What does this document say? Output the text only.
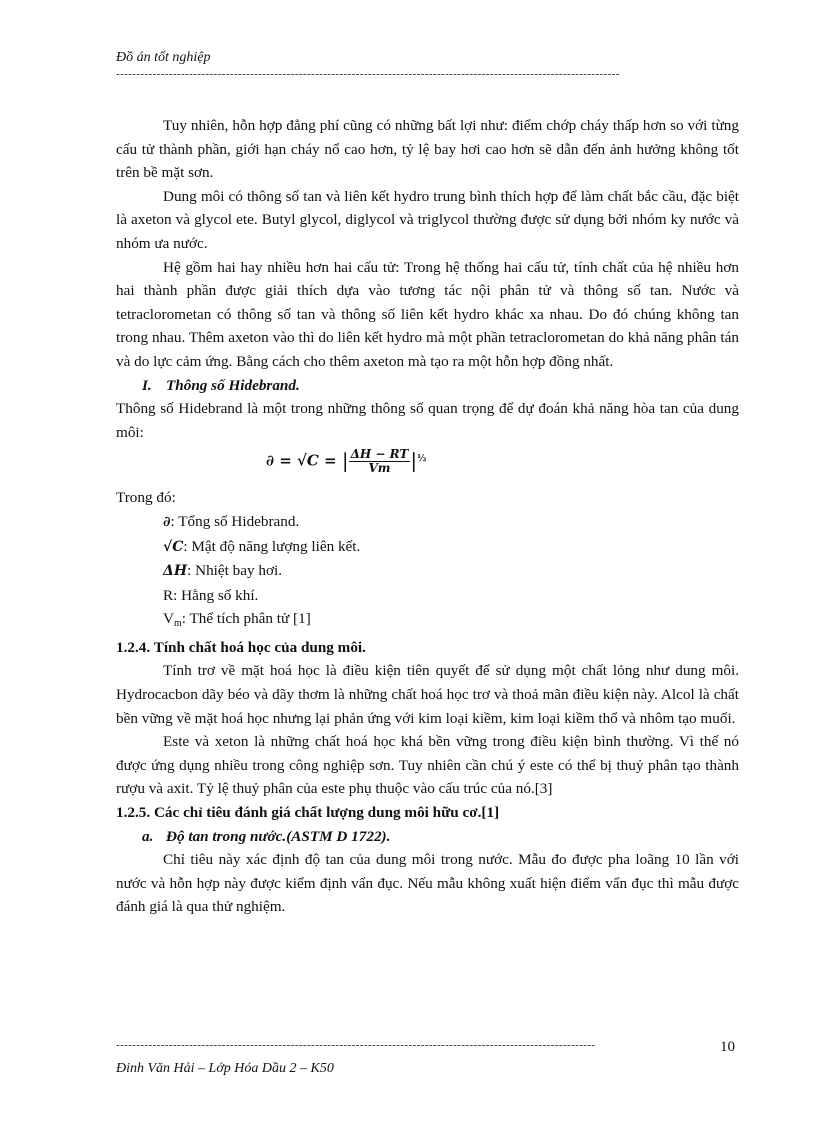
Đồ án tốt nghiệp
----------------------------------------------------------------------------------------------------------------------------

Tuy nhiên, hỗn hợp đẳng phí cũng có những bất lợi như: điểm chớp cháy thấp hơn so với từng cấu tử thành phần, giới hạn cháy nổ cao hơn, tỷ lệ bay hơi cao hơn sẽ dẫn đến ảnh hưởng không tốt trên bề mặt sơn.

Dung môi có thông số tan và liên kết hydro trung bình thích hợp để làm chất bắc cầu, đặc biệt là axeton và glycol ete. Butyl glycol, diglycol và triglycol thường được sử dụng bởi nhóm ky nước và nhóm ưa nước.

Hệ gồm hai hay nhiều hơn hai cấu tử: Trong hệ thống hai cấu tử, tính chất của hệ nhiều hơn hai thành phần được giải thích dựa vào tương tác nội phân tử và thông số tan. Nước và tetraclorometan có thông số tan và thông số liên kết hydro khác xa nhau. Do đó chúng không tan trong nhau. Thêm axeton vào thì do liên kết hydro mà một phần tetraclorometan do khả năng phân tán và do lực cảm ứng. Bằng cách cho thêm axeton mà tạo ra một hỗn hợp đồng nhất.

I. Thông số Hidebrand.

Thông số Hidebrand là một trong những thông số quan trọng để dự đoán khả năng hòa tan của dung môi:

∂ = √C = | $\frac{\Delta H - RT}{Vm} |^{\frac{1}{2}}$

Trong đó:

∂: Tổng số Hidebrand.

√C: Mật độ năng lượng liên kết.

ΔH: Nhiệt bay hơi.

R: Hằng số khí.

$V_m$: Thể tích phân tử [1]

1.2.4. Tính chất hoá học của dung môi.

Tính trơ về mặt hoá học là điều kiện tiên quyết để sử dụng một chất lỏng như dung môi. Hydrocacbon dãy béo và dãy thơm là những chất hoá học trơ và thoả mãn điều kiện này. Alcol là chất bền vững về mặt hoá học nhưng lại phản ứng với kim loại kiềm, kim loại kiềm thổ và nhôm tạo muối.

Este và xeton là những chất hoá học khá bền vững trong điều kiện bình thường. Vì thế nó được ứng dụng nhiều trong công nghiệp sơn. Tuy nhiên cần chú ý este có thể bị thuỷ phân tạo thành rượu và axit. Tỷ lệ thuỷ phân của este phụ thuộc vào cấu trúc của nó.[3]

1.2.5. Các chỉ tiêu đánh giá chất lượng dung môi hữu cơ.[1]

a. Độ tan trong nước.(ASTM D 1722).

Chỉ tiêu này xác định độ tan của dung môi trong nước. Mẫu đo được pha loãng 10 lần với nước và hỗn hợp này được kiểm định vẩn đục. Nếu mẫu không xuất hiện điểm vẩn đục thì mẫu được đánh giá là qua thử nghiệm.

----------------------------------------------------------------------------------------------------------------------	10
Đinh Văn Hải – Lớp Hóa Dầu 2 – K50
